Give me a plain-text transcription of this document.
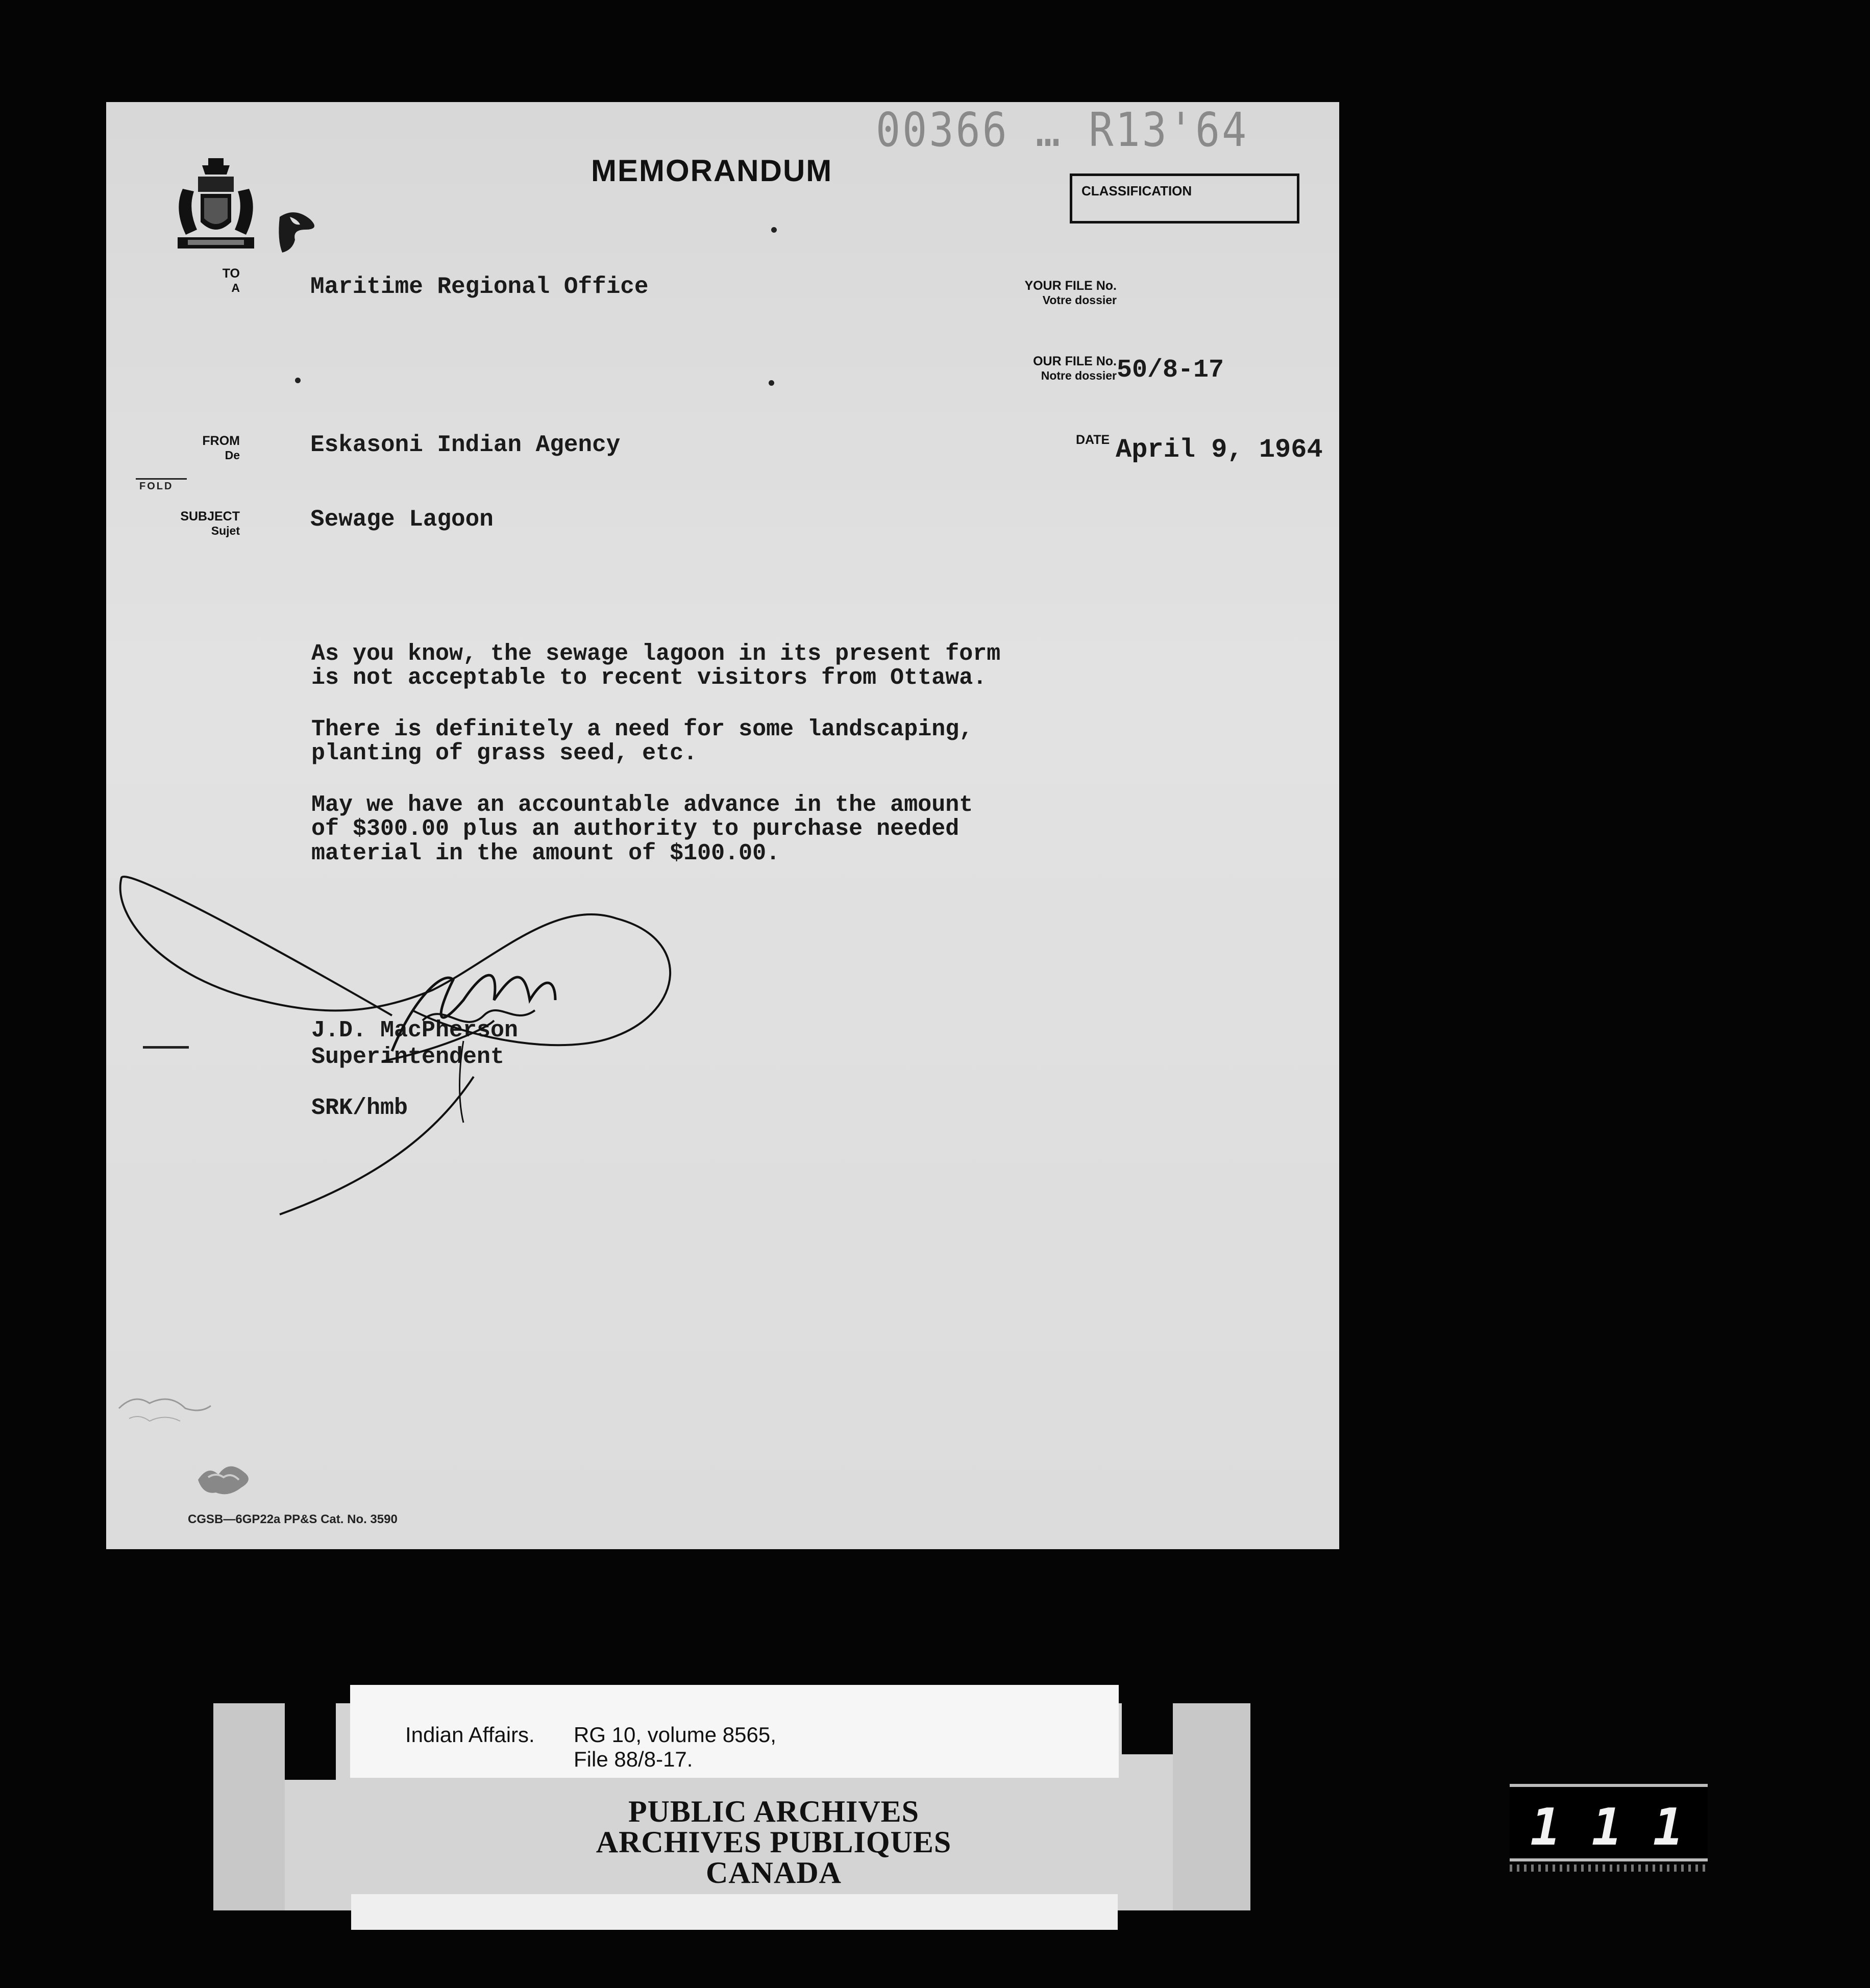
00366 … R13'64
MEMORANDUM
CLASSIFICATION
TO
A	Maritime Regional Office	YOUR FILE No.
Votre dossier
OUR FILE No.
Notre dossier 50/8-17
FROM
De	Eskasoni Indian Agency	DATE April 9, 1964
FOLD
SUBJECT
Sujet	Sewage Lagoon
As you know, the sewage lagoon in its present form
is not acceptable to recent visitors from Ottawa.
There is definitely a need for some landscaping,
planting of grass seed, etc.
May we have an accountable advance in the amount
of $300.00 plus an authority to purchase needed
material in the amount of $100.00.
J.D. MacPherson
Superintendent
SRK/hmb
CGSB—6GP22a PP&S Cat. No. 3590
Indian Affairs. RG 10, volume 8565,
File 88/8-17.
PUBLIC ARCHIVES
ARCHIVES PUBLIQUES
CANADA
111
